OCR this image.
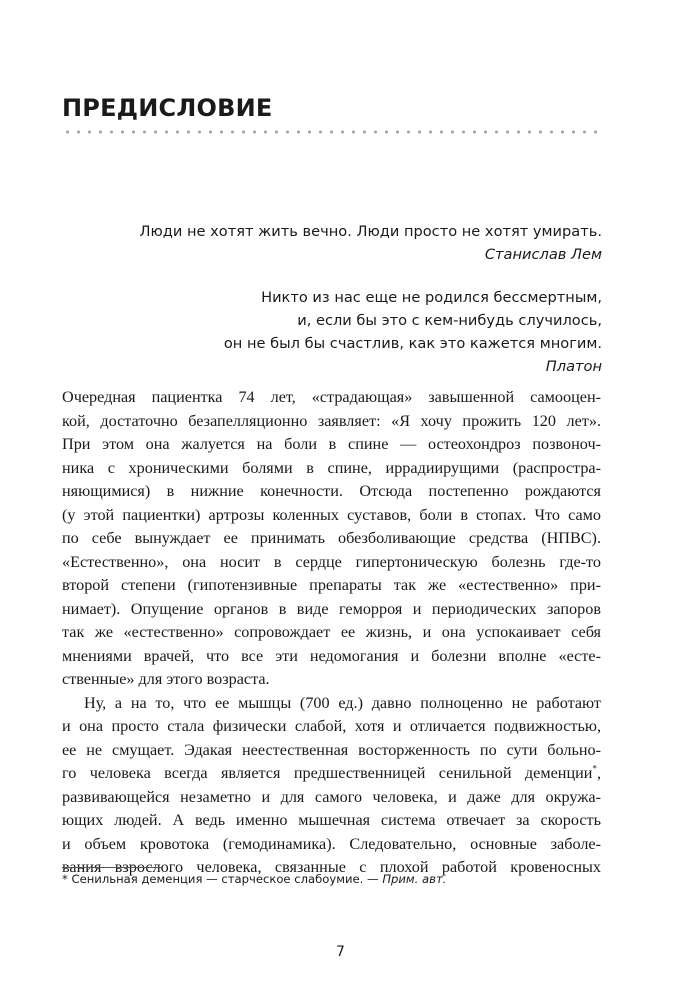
ПРЕДИСЛОВИЕ
Люди не хотят жить вечно. Люди просто не хотят умирать.
Станислав Лем
Никто из нас еще не родился бессмертным,
и, если бы это с кем-нибудь случилось,
он не был бы счастлив, как это кажется многим.
Платон
Очередная пациентка 74 лет, «страдающая» завышенной самооцен-
кой, достаточно безапелляционно заявляет: «Я хочу прожить 120 лет».
При этом она жалуется на боли в спине — остеохондроз позвоноч-
ника с хроническими болями в спине, иррадиирущими (распростра-
няющимися) в нижние конечности. Отсюда постепенно рождаются
(у этой пациентки) артрозы коленных суставов, боли в стопах. Что само
по себе вынуждает ее принимать обезболивающие средства (НПВС).
«Естественно», она носит в сердце гипертоническую болезнь где-то
второй степени (гипотензивные препараты так же «естественно» при-
нимает). Опущение органов в виде геморроя и периодических запоров
так же «естественно» сопровождает ее жизнь, и она успокаивает себя
мнениями врачей, что все эти недомогания и болезни вполне «есте-
ственные» для этого возраста.
Ну, а на то, что ее мышцы (700 ед.) давно полноценно не работают
и она просто стала физически слабой, хотя и отличается подвижностью,
ее не смущает. Эдакая неестественная восторженность по сути больно-
го человека всегда является предшественницей сенильной деменции*,
развивающейся незаметно и для самого человека, и даже для окружа-
ющих людей. А ведь именно мышечная система отвечает за скорость
и объем кровотока (гемодинамика). Следовательно, основные заболе-
вания взрослого человека, связанные с плохой работой кровеносных
* Сенильная деменция — старческое слабоумие. — Прим. авт.
7
